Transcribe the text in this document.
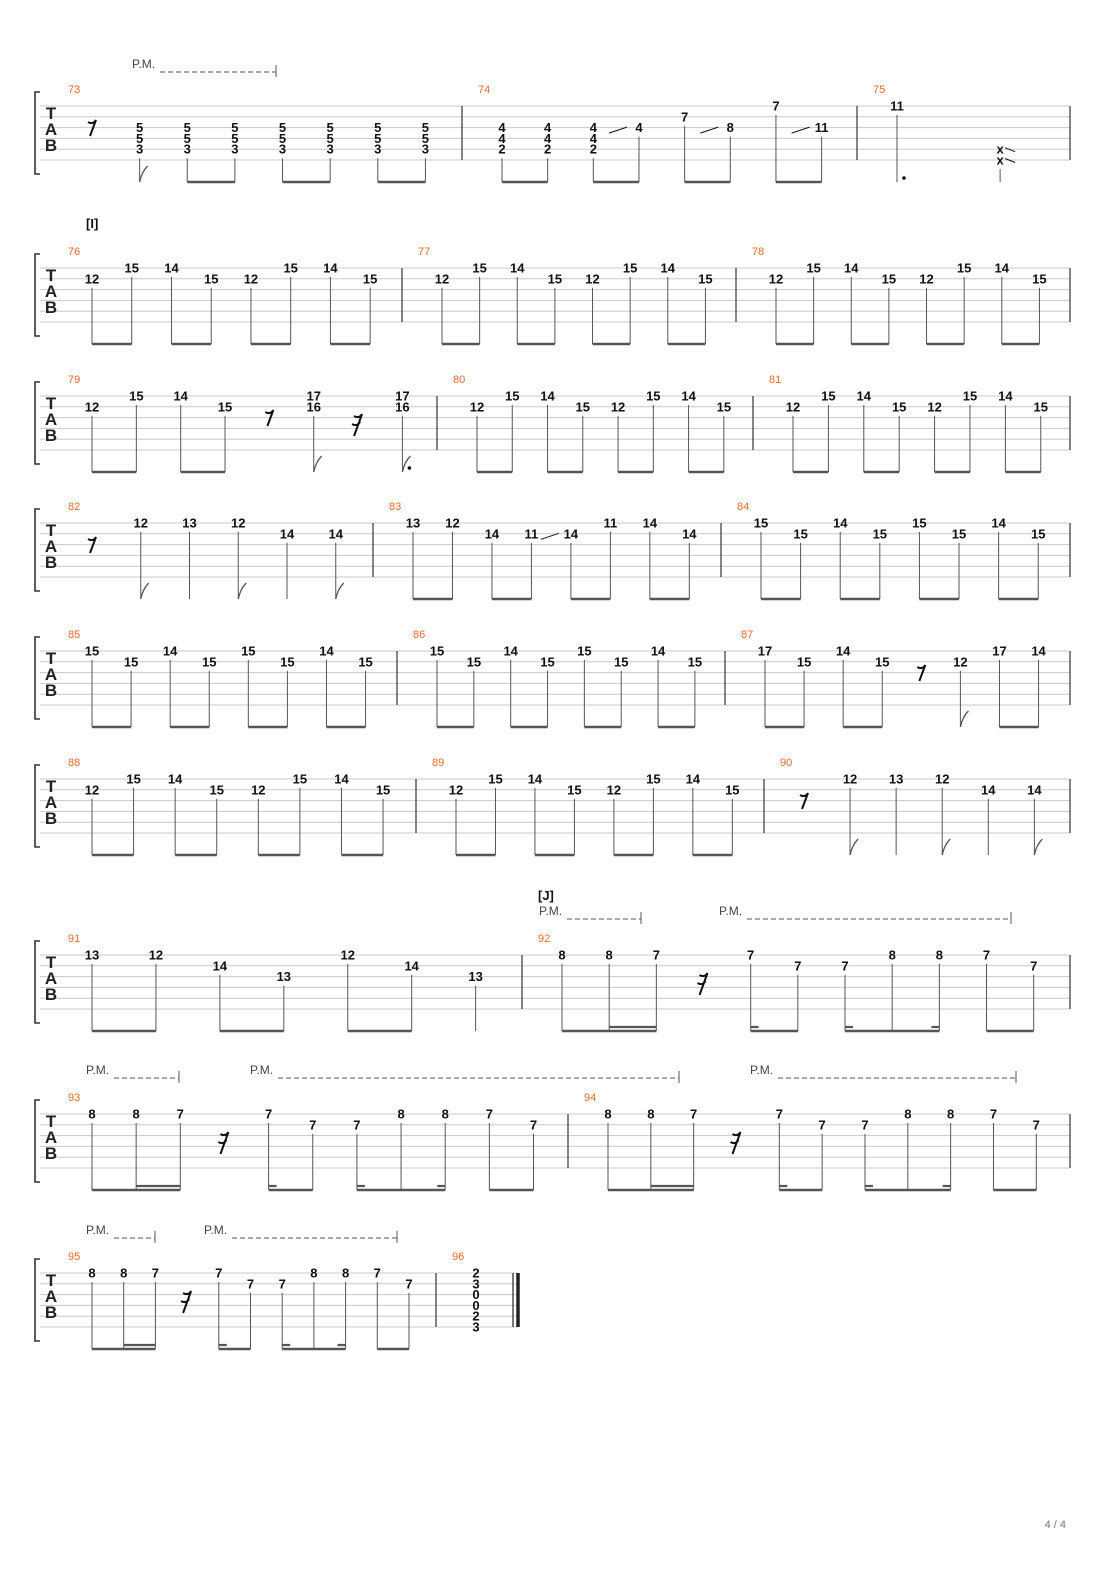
T
A
B
P.M.
73
5
5
3
5
5
3
5
5
3
5
5
3
5
5
3
5
5
3
5
5
3
74
4
4
2
4
4
2
4
4
2
4
7
8
7
11
75
11
x
x
T
A
B
[I]
76
12
15 14
15 12
15 14
15
77
12
15 14
15 12
15 14
15
78
12
15 14
15 12
15 14
15
T
A
B
79
12
15 14
15
17
16
17
16
80
12
15 14
15 12
15 14
15
81
12
15 14
15 12
15 14
15
T
A
B
82
12	13	12
14	14
83
13 12
14 11 14
11 14
14
84
15
15
14
15
15
15
14
15
T
A
B
85
15
15
14
15
15
15
14
15
86
15
15
14
15
15
15
14
15
87
17
15
14
15	12
17 14
T
A
B
88
12
15 14
15 12
15 14
15
89
12
15 14
15 12
15 14
15
90
12 13 12
14 14
T
A
B
[J]
P.M.	P.M.
91
13	12
14
13
12
14
13
92
8	8	7	7
7	7
8	8	7
7
T
A
B
P.M.	P.M.	P.M.
93
8	8	7	7
7	7
8	8	7
7
94
8	8	7	7
7	7
8	8	7
7
T
A
B
P.M.	P.M.
95
8 8 7	7
7 7
8 8 7
7
96
2
3
0
0
2
3
4 / 4
